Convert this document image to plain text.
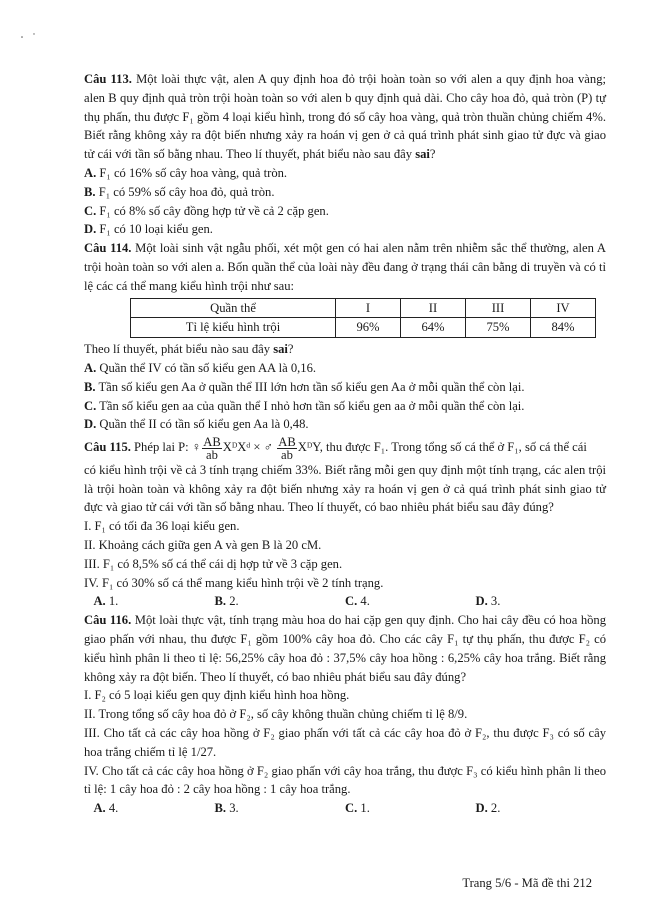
Câu 113. Một loài thực vật, alen A quy định hoa đỏ trội hoàn toàn so với alen a quy định hoa vàng; alen B quy định quả tròn trội hoàn toàn so với alen b quy định quả dài. Cho cây hoa đỏ, quả tròn (P) tự thụ phấn, thu được F₁ gồm 4 loại kiểu hình, trong đó số cây hoa vàng, quả tròn thuần chủng chiếm 4%. Biết rằng không xảy ra đột biến nhưng xảy ra hoán vị gen ở cả quá trình phát sinh giao tử đực và giao tử cái với tần số bằng nhau. Theo lí thuyết, phát biểu nào sau đây sai?

A. F₁ có 16% số cây hoa vàng, quả tròn.

B. F₁ có 59% số cây hoa đỏ, quả tròn.

C. F₁ có 8% số cây đồng hợp tử về cả 2 cặp gen.

D. F₁ có 10 loại kiểu gen.

Câu 114. Một loài sinh vật ngẫu phối, xét một gen có hai alen nằm trên nhiễm sắc thể thường, alen A trội hoàn toàn so với alen a. Bốn quần thể của loài này đều đang ở trạng thái cân bằng di truyền và có tỉ lệ các cá thể mang kiểu hình trội như sau:

Quần thể	I	II	III	IV
Tỉ lệ kiểu hình trội	96%	64%	75%	84%

Theo lí thuyết, phát biểu nào sau đây sai?

A. Quần thể IV có tần số kiểu gen AA là 0,16.

B. Tần số kiểu gen Aa ở quần thể III lớn hơn tần số kiểu gen Aa ở mỗi quần thể còn lại.

C. Tần số kiểu gen aa của quần thể I nhỏ hơn tần số kiểu gen aa ở mỗi quần thể còn lại.

D. Quần thể II có tần số kiểu gen Aa là 0,48.

Câu 115. Phép lai P: ♀ $\frac{AB}{ab}$ XᴰXᵈ × ♂ $\frac{AB}{ab}$ XᴰY, thu được F₁. Trong tổng số cá thể ở F₁, số cá thể cái

có kiểu hình trội về cả 3 tính trạng chiếm 33%. Biết rằng mỗi gen quy định một tính trạng, các alen trội là trội hoàn toàn và không xảy ra đột biến nhưng xảy ra hoán vị gen ở cả quá trình phát sinh giao tử đực và giao tử cái với tần số bằng nhau. Theo lí thuyết, có bao nhiêu phát biểu sau đây đúng?

I. F₁ có tối đa 36 loại kiểu gen.

II. Khoảng cách giữa gen A và gen B là 20 cM.

III. F₁ có 8,5% số cá thể cái dị hợp tử về 3 cặp gen.

IV. F₁ có 30% số cá thể mang kiểu hình trội về 2 tính trạng.

A. 1.	B. 2.	C. 4.	D. 3.

Câu 116. Một loài thực vật, tính trạng màu hoa do hai cặp gen quy định. Cho hai cây đều có hoa hồng giao phấn với nhau, thu được F₁ gồm 100% cây hoa đỏ. Cho các cây F₁ tự thụ phấn, thu được F₂ có kiểu hình phân li theo tỉ lệ: 56,25% cây hoa đỏ : 37,5% cây hoa hồng : 6,25% cây hoa trắng. Biết rằng không xảy ra đột biến. Theo lí thuyết, có bao nhiêu phát biểu sau đây đúng?

I. F₂ có 5 loại kiểu gen quy định kiểu hình hoa hồng.

II. Trong tổng số cây hoa đỏ ở F₂, số cây không thuần chủng chiếm tỉ lệ 8/9.

III. Cho tất cả các cây hoa hồng ở F₂ giao phấn với tất cả các cây hoa đỏ ở F₂, thu được F₃ có số cây hoa trắng chiếm tỉ lệ 1/27.

IV. Cho tất cả các cây hoa hồng ở F₂ giao phấn với cây hoa trắng, thu được F₃ có kiểu hình phân li theo tỉ lệ: 1 cây hoa đỏ : 2 cây hoa hồng : 1 cây hoa trắng.

A. 4.	B. 3.	C. 1.	D. 2.
Trang 5/6 - Mã đề thi 212
